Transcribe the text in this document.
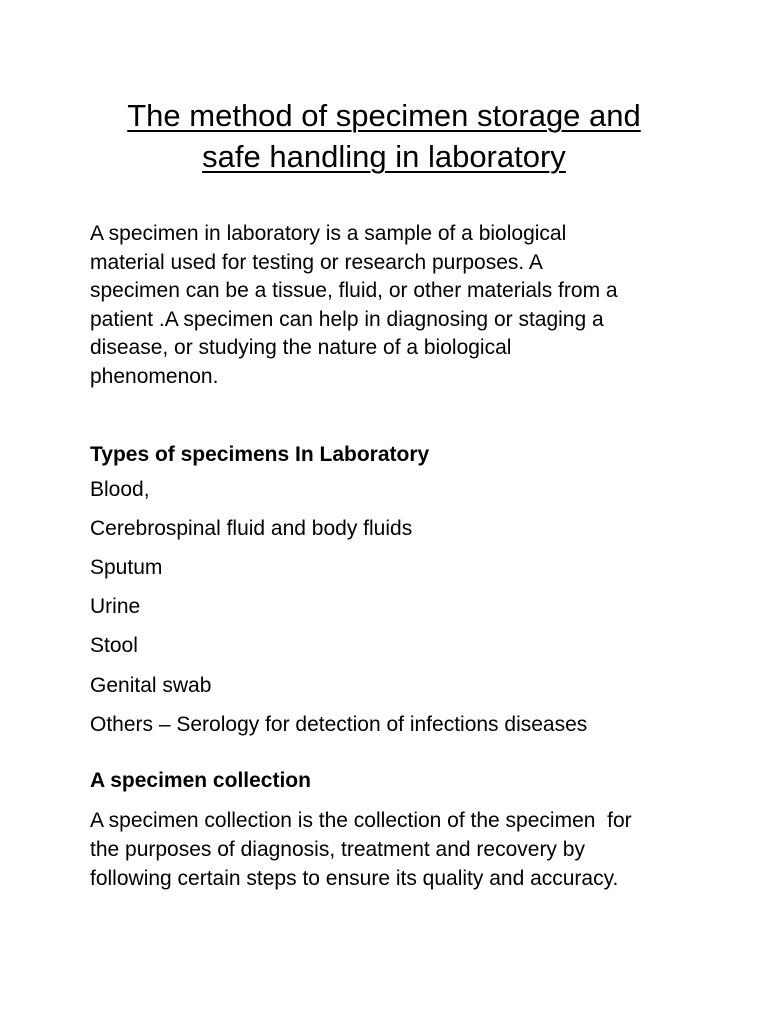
The method of specimen storage and
safe handling in laboratory

A specimen in laboratory is a sample of a biological
material used for testing or research purposes. A
specimen can be a tissue, fluid, or other materials from a
patient .A specimen can help in diagnosing or staging a
disease, or studying the nature of a biological
phenomenon.

Types of specimens In Laboratory
Blood,
Cerebrospinal fluid and body fluids
Sputum
Urine
Stool
Genital swab
Others – Serology for detection of infections diseases
A specimen collection

A specimen collection is the collection of the specimen  for
the purposes of diagnosis, treatment and recovery by
following certain steps to ensure its quality and accuracy.
